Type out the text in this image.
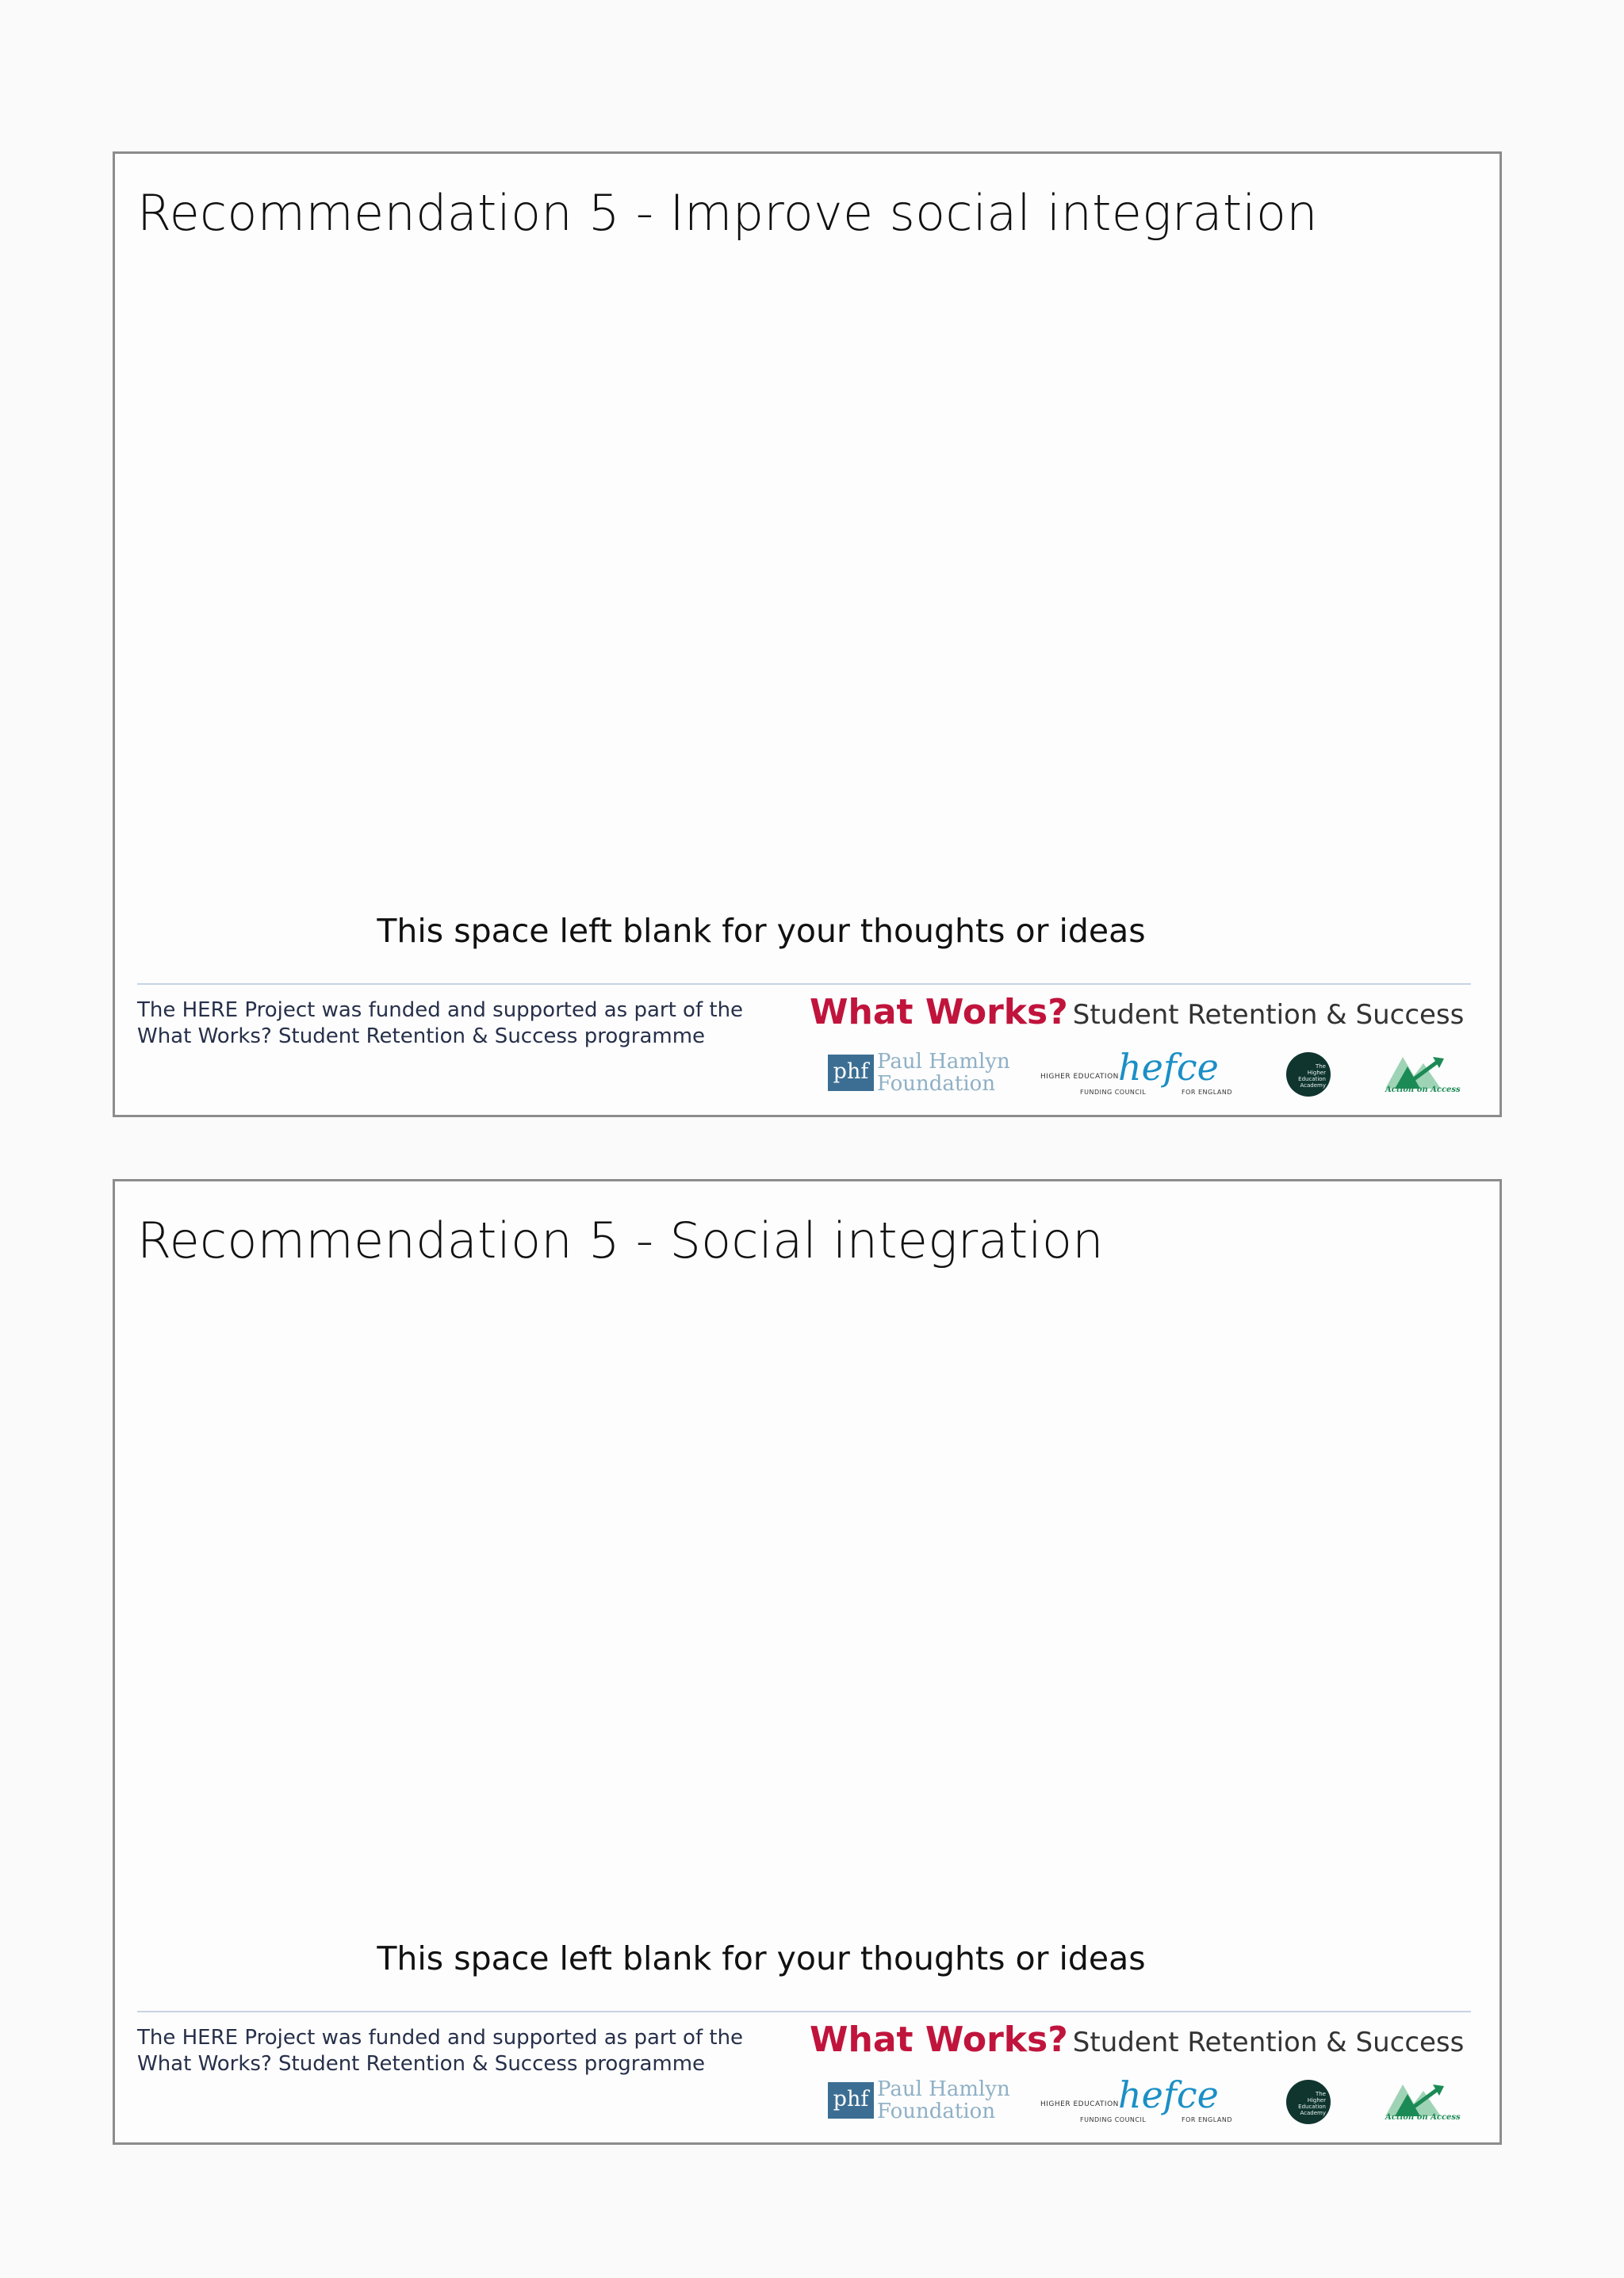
Recommendation 5 - Improve social integration
This space left blank for your thoughts or ideas
The HERE Project was funded and supported as part of the
What Works? Student Retention & Success programme
What Works? Student Retention & Success
phf Paul Hamlyn
Foundation	HIGHER EDUCATION hefce
FUNDING COUNCIL	FOR ENGLAND
The
Higher
Education
Academy	Action on Access
Recommendation 5 - Social integration
This space left blank for your thoughts or ideas
The HERE Project was funded and supported as part of the
What Works? Student Retention & Success programme
What Works? Student Retention & Success
phf Paul Hamlyn
Foundation	HIGHER EDUCATION hefce
FUNDING COUNCIL	FOR ENGLAND
The
Higher
Education
Academy	Action on Access
